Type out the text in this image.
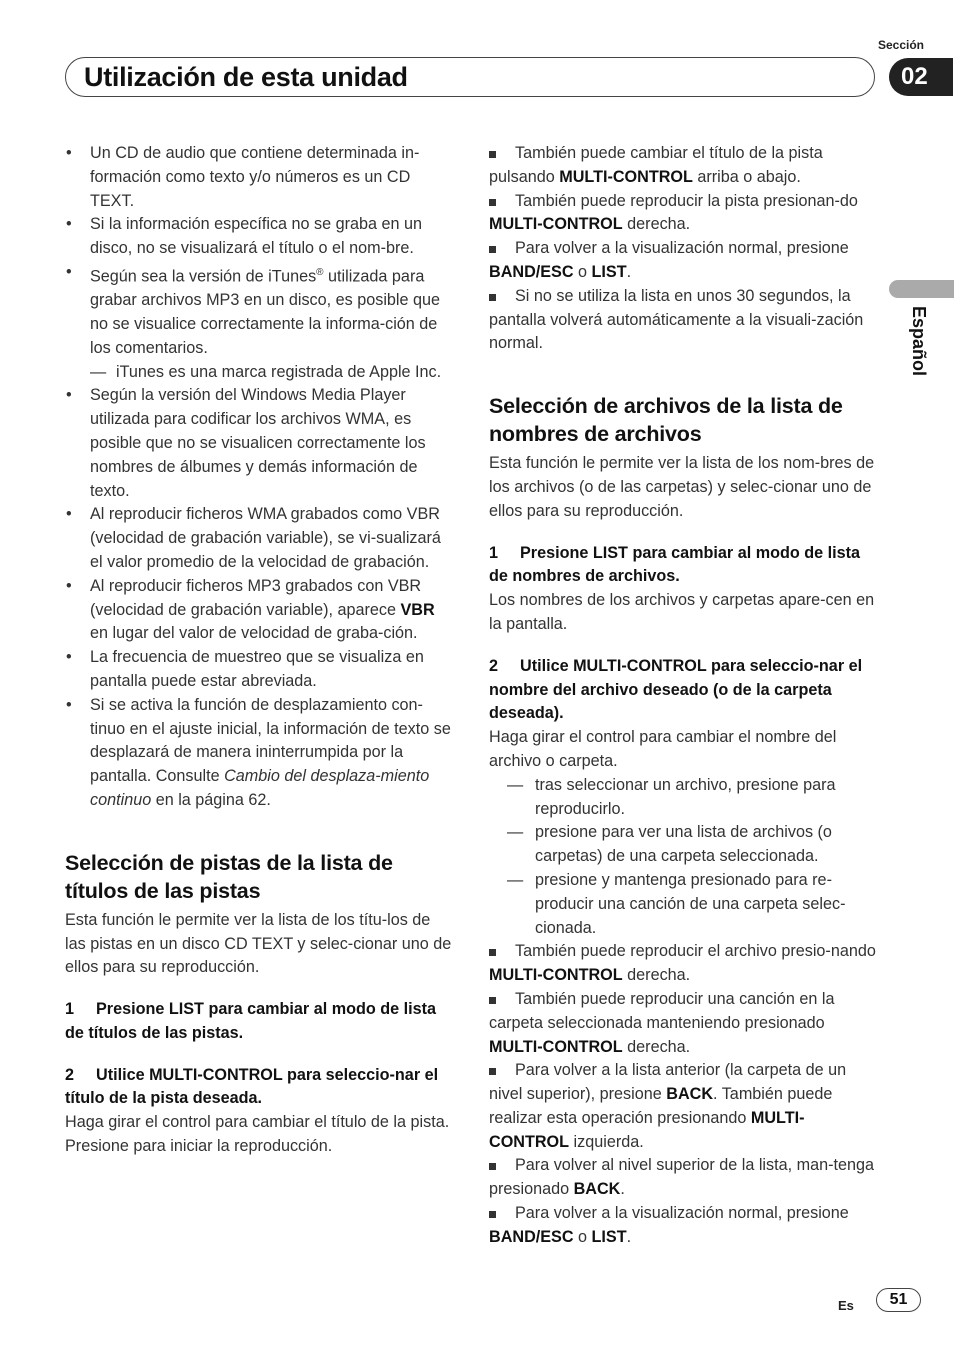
Sección
Utilización de esta unidad	02
Español
• Un CD de audio que contiene determinada in-formación como texto y/o números es un CD TEXT.
• Si la información específica no se graba en un disco, no se visualizará el título o el nom-bre.
• Según sea la versión de iTunes® utilizada para grabar archivos MP3 en un disco, es posible que no se visualice correctamente la informa-ción de los comentarios.
— iTunes es una marca registrada de Apple Inc.
• Según la versión del Windows Media Player utilizada para codificar los archivos WMA, es posible que no se visualicen correctamente los nombres de álbumes y demás información de texto.
• Al reproducir ficheros WMA grabados como VBR (velocidad de grabación variable), se vi-sualizará el valor promedio de la velocidad de grabación.
• Al reproducir ficheros MP3 grabados con VBR (velocidad de grabación variable), aparece VBR en lugar del valor de velocidad de graba-ción.
• La frecuencia de muestreo que se visualiza en pantalla puede estar abreviada.
• Si se activa la función de desplazamiento con-tinuo en el ajuste inicial, la información de texto se desplazará de manera ininterrumpida por la pantalla. Consulte Cambio del desplaza-miento continuo en la página 62.
Selección de pistas de la lista de títulos de las pistas
Esta función le permite ver la lista de los títu-los de las pistas en un disco CD TEXT y selec-cionar uno de ellos para su reproducción.
1 Presione LIST para cambiar al modo de lista de títulos de las pistas.
2 Utilice MULTI-CONTROL para seleccio-nar el título de la pista deseada.
Haga girar el control para cambiar el título de la pista. Presione para iniciar la reproducción.
También puede cambiar el título de la pista pulsando MULTI-CONTROL arriba o abajo.
También puede reproducir la pista presionan-do MULTI-CONTROL derecha.
Para volver a la visualización normal, presione BAND/ESC o LIST.
Si no se utiliza la lista en unos 30 segundos, la pantalla volverá automáticamente a la visuali-zación normal.
Selección de archivos de la lista de nombres de archivos
Esta función le permite ver la lista de los nom-bres de los archivos (o de las carpetas) y selec-cionar uno de ellos para su reproducción.
1 Presione LIST para cambiar al modo de lista de nombres de archivos.
Los nombres de los archivos y carpetas apare-cen en la pantalla.
2 Utilice MULTI-CONTROL para seleccio-nar el nombre del archivo deseado (o de la carpeta deseada).
Haga girar el control para cambiar el nombre del archivo o carpeta.
— tras seleccionar un archivo, presione para reproducirlo.
— presione para ver una lista de archivos (o carpetas) de una carpeta seleccionada.
— presione y mantenga presionado para re-producir una canción de una carpeta selec-cionada.
También puede reproducir el archivo presio-nando MULTI-CONTROL derecha.
También puede reproducir una canción en la carpeta seleccionada manteniendo presionado MULTI-CONTROL derecha.
Para volver a la lista anterior (la carpeta de un nivel superior), presione BACK. También puede realizar esta operación presionando MULTI-CONTROL izquierda.
Para volver al nivel superior de la lista, man-tenga presionado BACK.
Para volver a la visualización normal, presione BAND/ESC o LIST.
Es	51
